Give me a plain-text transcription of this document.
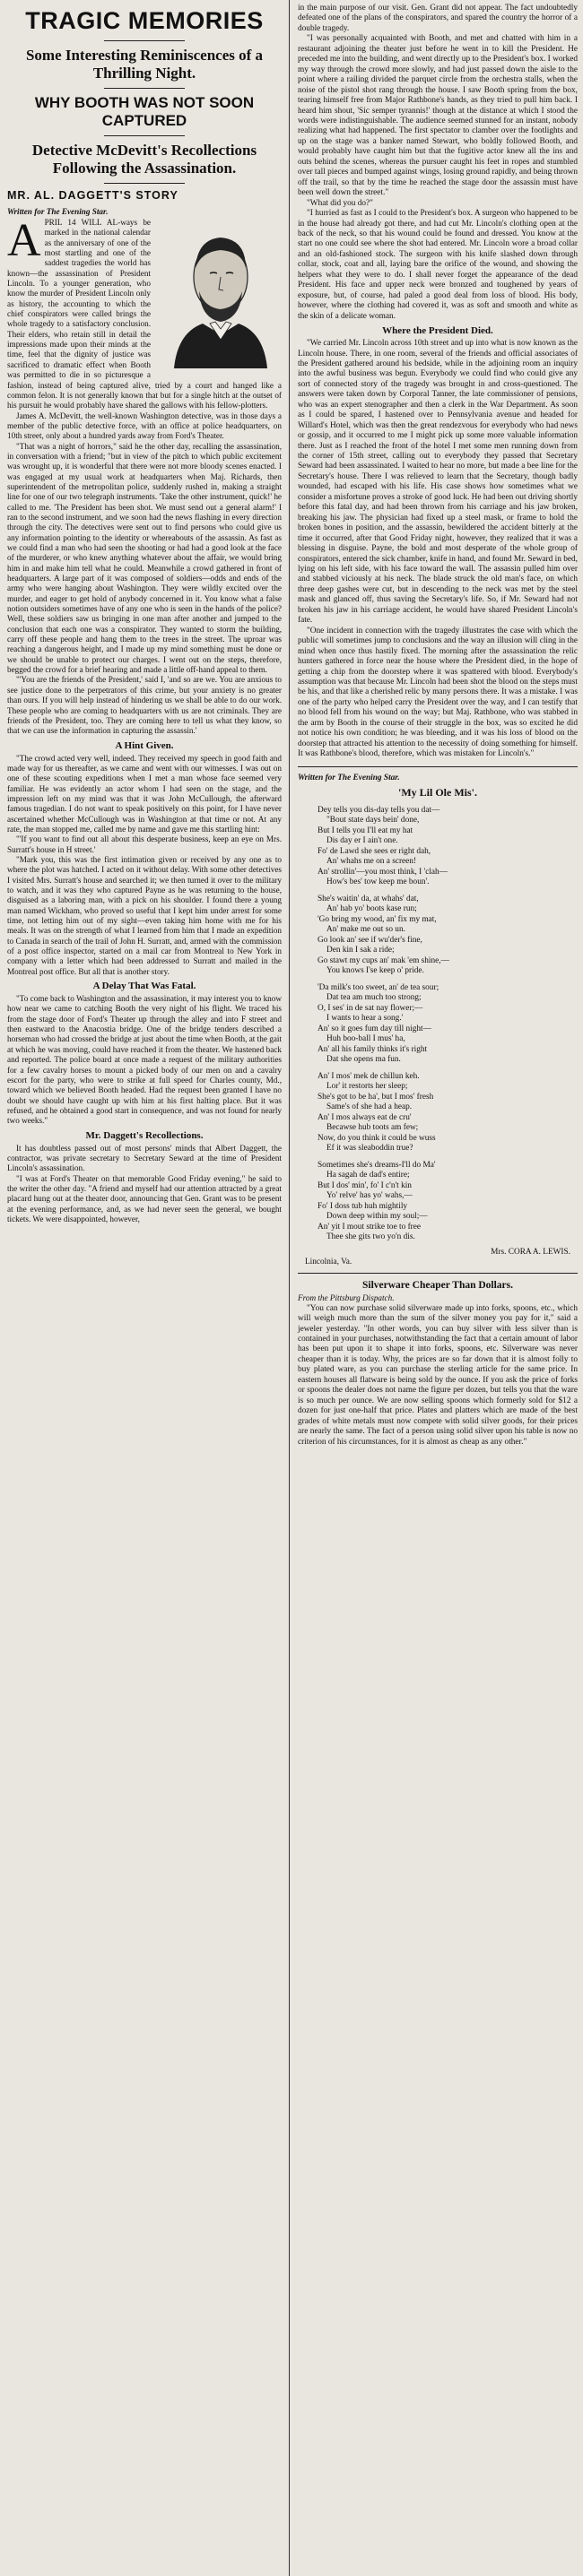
TRAGIC MEMORIES
Some Interesting Reminiscences of a Thrilling Night.
WHY BOOTH WAS NOT SOON CAPTURED
Detective McDevitt's Recollections Following the Assassination.
MR. AL. DAGGETT'S STORY
Written for The Evening Star.
A PRIL 14 WILL AL-ways be marked in the national calendar as the anniversary of one of the most startling and one of the saddest tragedies the world has known—the assassination of President Lincoln. To a younger generation, who know the murder of President Lincoln only as history, the accounting to which the chief conspirators were called brings the whole tragedy to a satisfactory conclusion. Their elders, who retain still in detail the impressions made upon their minds at the time, feel that the dignity of justice was sacrificed to dramatic effect when Booth was permitted to die in so picturesque a fashion, instead of being captured alive, tried by a court and hanged like a common felon. It is not generally known that but for a single hitch at the outset of his pursuit he would probably have shared the gallows with his fellow-plotters.

James A. McDevitt, the well-known Washington detective, was in those days a member of the public detective force, with an office at police headquarters, on 10th street, only about a hundred yards away from Ford's Theater.

"That was a night of horrors," said he the other day, recalling the assassination, in conversation with a friend; "but in view of the pitch to which public excitement was wrought up, it is wonderful that there were not more bloody scenes enacted. I was engaged at my usual work at headquarters when Maj. Richards, then superintendent of the metropolitan police, suddenly rushed in, making a straight line for one of our two telegraph instruments. 'Take the other instrument, quick!' he called to me. 'The President has been shot. We must send out a general alarm!' I ran to the second instrument, and we soon had the news flashing in every direction through the city. The detectives were sent out to find persons who could give us any information pointing to the identity or whereabouts of the assassin. As fast as we could find a man who had seen the shooting or had had a good look at the face of the murderer, or who knew anything whatever about the affair, we would bring him in and make him tell what he could. Meanwhile a crowd gathered in front of headquarters. A large part of it was composed of soldiers—odds and ends of the army who were hanging about Washington. They were wildly excited over the murder, and eager to get hold of anybody concerned in it. You know what a false notion outsiders sometimes have of any one who is seen in the hands of the police? Well, these soldiers saw us bringing in one man after another and jumped to the conclusion that each one was a conspirator. They wanted to storm the building, carry off these people and hang them to the trees in the street. The uproar was reaching a dangerous height, and I made up my mind something must be done or we should be unable to protect our charges. I went out on the steps, therefore, begged the crowd for a brief hearing and made a little off-hand appeal to them.

"'You are the friends of the President,' said I, 'and so are we. You are anxious to see justice done to the perpetrators of this crime, but your anxiety is no greater than ours. If you will help instead of hindering us we shall be able to do our work. These people who are coming to headquarters with us are not criminals. They are friends of the President, too. They are coming here to tell us what they know, so that we can use the information in capturing the assassin.'

A Hint Given.

"The crowd acted very well, indeed. They received my speech in good faith and made way for us thereafter, as we came and went with our witnesses. I was out on one of these scouting expeditions when I met a man whose face seemed very familiar. He was evidently an actor whom I had seen on the stage, and the impression left on my mind was that it was John McCullough, the afterward famous tragedian. I do not want to speak positively on this point, for I have never ascertained whether McCullough was in Washington at that time or not. At any rate, the man stopped me, called me by name and gave me this startling hint:

"'If you want to find out all about this desperate business, keep an eye on Mrs. Surratt's house in H street.'

"Mark you, this was the first intimation given or received by any one as to where the plot was hatched. I acted on it without delay. With some other detectives I visited Mrs. Surratt's house and searched it; we then turned it over to the military to watch, and it was they who captured Payne as he was returning to the house, disguised as a laboring man, with a pick on his shoulder. I found there a young man named Wickham, who proved so useful that I kept him under arrest for some time, not letting him out of my sight—even taking him home with me for his meals. It was on the strength of what I learned from him that I made an expedition to Canada in search of the trail of John H. Surratt, and, armed with the commission of a post office inspector, started on a mail car from Montreal to New York in company with a letter which had been addressed to Surratt and mailed in the Montreal post office. But all that is another story.

A Delay That Was Fatal.

"To come back to Washington and the assassination, it may interest you to know how near we came to catching Booth the very night of his flight. We traced his from the stage door of Ford's Theater up through the alley and into F street and then eastward to the Anacostia bridge. One of the bridge tenders described a horseman who had crossed the bridge at just about the time when Booth, at the gait at which he was moving, could have reached it from the theater. We hastened back and reported. The police board at once made a request of the military authorities for a few cavalry horses to mount a picked body of our men on and a cavalry escort for the party, who were to strike at full speed for Charles county, Md., toward which we believed Booth headed. Had the request been granted I have no doubt we should have caught up with him at his first halting place. But it was refused, and he obtained a good start in consequence, and was not found for nearly two weeks."

Mr. Daggett's Recollections.

It has doubtless passed out of most persons' minds that Albert Daggett, the contractor, was private secretary to Secretary Seward at the time of President Lincoln's assassination.

"I was at Ford's Theater on that memorable Good Friday evening," he said to the writer the other day. "A friend and myself had our attention attracted by a great placard hung out at the theater door, announcing that Gen. Grant was to be present at the evening performance, and, as we had never seen the general, we bought tickets. We were disappointed, however,

in the main purpose of our visit. Gen. Grant did not appear. The fact undoubtedly defeated one of the plans of the conspirators, and spared the country the horror of a double tragedy.

"I was personally acquainted with Booth, and met and chatted with him in a restaurant adjoining the theater just before he went in to kill the President. He preceded me into the building, and went directly up to the President's box. I worked my way through the crowd more slowly, and had just passed down the aisle to the point where a railing divided the parquet circle from the orchestra stalls, when the noise of the pistol shot rang through the house. I saw Booth spring from the box, tearing himself free from Major Rathbone's hands, as they tried to pull him back. I heard him shout, 'Sic semper tyrannis!' though at the distance at which I stood the words were indistinguishable. The audience seemed stunned for an instant, nobody realizing what had happened. The first spectator to clamber over the footlights and up on the stage was a banker named Stewart, who boldly followed Booth, and would probably have caught him but that the fugitive actor knew all the ins and outs behind the scenes, whereas the pursuer caught his feet in ropes and stumbled over tall pieces and bumped against wings, losing ground rapidly, and being thrown off the trail, so that by the time he reached the stage door the assassin must have been well down the street."

"What did you do?"

"I hurried as fast as I could to the President's box. A surgeon who happened to be in the house had already got there, and had cut Mr. Lincoln's clothing open at the back of the neck, so that his wound could be found and dressed. You know at the start no one could see where the shot had entered. Mr. Lincoln wore a broad collar and an old-fashioned stock. The surgeon with his knife slashed down through collar, stock, coat and all, laying bare the orifice of the wound, and showing the helpers what they were to do. I shall never forget the appearance of the dead President. His face and upper neck were bronzed and toughened by years of exposure, but, of course, had paled a good deal from loss of blood. His body, however, where the clothing had covered it, was as soft and smooth and white as the skin of a delicate woman.

Where the President Died.

"We carried Mr. Lincoln across 10th street and up into what is now known as the Lincoln house. There, in one room, several of the friends and official associates of the President gathered around his bedside, while in the adjoining room an inquiry into the awful business was begun. Everybody we could find who could give any sort of connected story of the tragedy was brought in and cross-questioned. The answers were taken down by Corporal Tanner, the late commissioner of pensions, who was an expert stenographer and then a clerk in the War Department. As soon as I could be spared, I hastened over to Pennsylvania avenue and headed for Willard's Hotel, which was then the great rendezvous for everybody who had news or gossip, and it occurred to me I might pick up some more valuable information there. Just as I reached the front of the hotel I met some men running down from the corner of 15th street, calling out to everybody they passed that Secretary Seward had been assassinated. I waited to hear no more, but made a bee line for the Secretary's house. There I was relieved to learn that the Secretary, though badly wounded, had escaped with his life. His case shows how sometimes what we consider a misfortune proves a stroke of good luck. He had been out driving shortly before this fatal day, and had been thrown from his carriage and his jaw broken, breaking his jaw. The physician had fixed up a steel mask, or frame to hold the broken bones in position, and the assassin, bewildered the accident bitterly at the time it occurred, after that Good Friday night, however, they realized that it was a blessing in disguise. Payne, the bold and most desperate of the whole group of conspirators, entered the sick chamber, knife in hand, and found Mr. Seward in bed, lying on his left side, with his face toward the wall. The assassin pulled him over and stabbed viciously at his neck. The blade struck the old man's face, on which three deep gashes were cut, but in descending to the neck was met by the steel mask and glanced off, thus saving the Secretary's life. So, if Mr. Seward had not broken his jaw in his carriage accident, he would have shared President Lincoln's fate.

"One incident in connection with the tragedy illustrates the case with which the public will sometimes jump to conclusions and the way an illusion will cling in the mind when once thus hastily fixed. The morning after the assassination the relic hunters gathered in force near the house where the President died, in the hope of getting a chip from the doorstep where it was spattered with blood. Everybody's assumption was that because Mr. Lincoln had been shot the blood on the steps must be his, and that like a cherished relic by many persons there. It was a mistake. I was one of the party who helped carry the President over the way, and I can testify that no blood fell from his wound on the way; but Maj. Rathbone, who was stabbed in the arm by Booth in the course of their struggle in the box, was so excited he did not notice his own condition; he was bleeding, and it was his loss of blood on the doorstep that attracted his attention to the necessity of doing something for himself. It was Rathbone's blood, therefore, which was mistaken for Lincoln's."

Written for The Evening Star.
'My Lil Ole Mis'.
Dey tells you dis-day tells you dat—
"Bout state days bein' done,
But I tells you I'll eat my hat
Dis day er I ain't one.
Fo' de Lawd she sees er right dah,
An' whahs me on a screen!
An' strollin'—you most think, I 'clah—
How's bes' tow keep me boun'.
She's waitin' da, at whahs' dat,
An' hab yo' boots kase run;
'Go bring my wood, an' fix my mat,
An' make me out so un.
Go look an' see if wu'der's fine,
Den kin I sak a ride;
Go stawt my cups an' mak 'em shine,—
You knows I'se keep o' pride.
'Da milk's too sweet, an' de tea sour;
Dat tea am much too strong;
O, I ses' in de sat nay flower;—
I wants to hear a song.'
An' so it goes fum day till night—
Huh boo-ball I mus' ha,
An' all his family thinks it's right
Dat she opens ma fun.
An' I mos' mek de chillun keh.
Lor' it restorts her sleep;
She's got to be ha', but I mos' fresh
Same's of she had a heap.
An' I mos always eat de cru'
Becawse hub toots am few;
Now, do you think it could be wuss
Ef it was sleaboddin true?
Sometimes she's dreams-I'll do Ma'
Ha sagah de dad's entire;
But I dos' min', fo' I c'n't kin
Yo' relve' has yo' wahs,—
Fo' I doss tub huh mightily
Down deep within my soul;—
An' yit I mout strike toe to free
Thee she gits two yo'n dis.
Mrs. CORA A. LEWIS.
Lincolnia, Va.
Silverware Cheaper Than Dollars.
From the Pittsburg Dispatch.

"You can now purchase solid silverware made up into forks, spoons, etc., which will weigh much more than the sum of the silver money you pay for it," said a jeweler yesterday. "In other words, you can buy silver with less silver than is contained in your purchases, notwithstanding the fact that a certain amount of labor has been put upon it to shape it into forks, spoons, etc. Silverware was never cheaper than it is today. Why, the prices are so far down that it is almost folly to buy plated ware, as you can purchase the sterling article for the same price. In eastern houses all flatware is being sold by the ounce. If you ask the price of forks or spoons the dealer does not name the figure per dozen, but tells you that the ware is so much per ounce. We are now selling spoons which formerly sold for $12 a dozen for just one-half that price. Plates and platters which are made of the best grades of white metals must now compete with solid silver goods, for their prices are nearly the same. The fact of a person using solid silver upon his table is now no criterion of his circumstances, for it is almost as cheap as any other."
